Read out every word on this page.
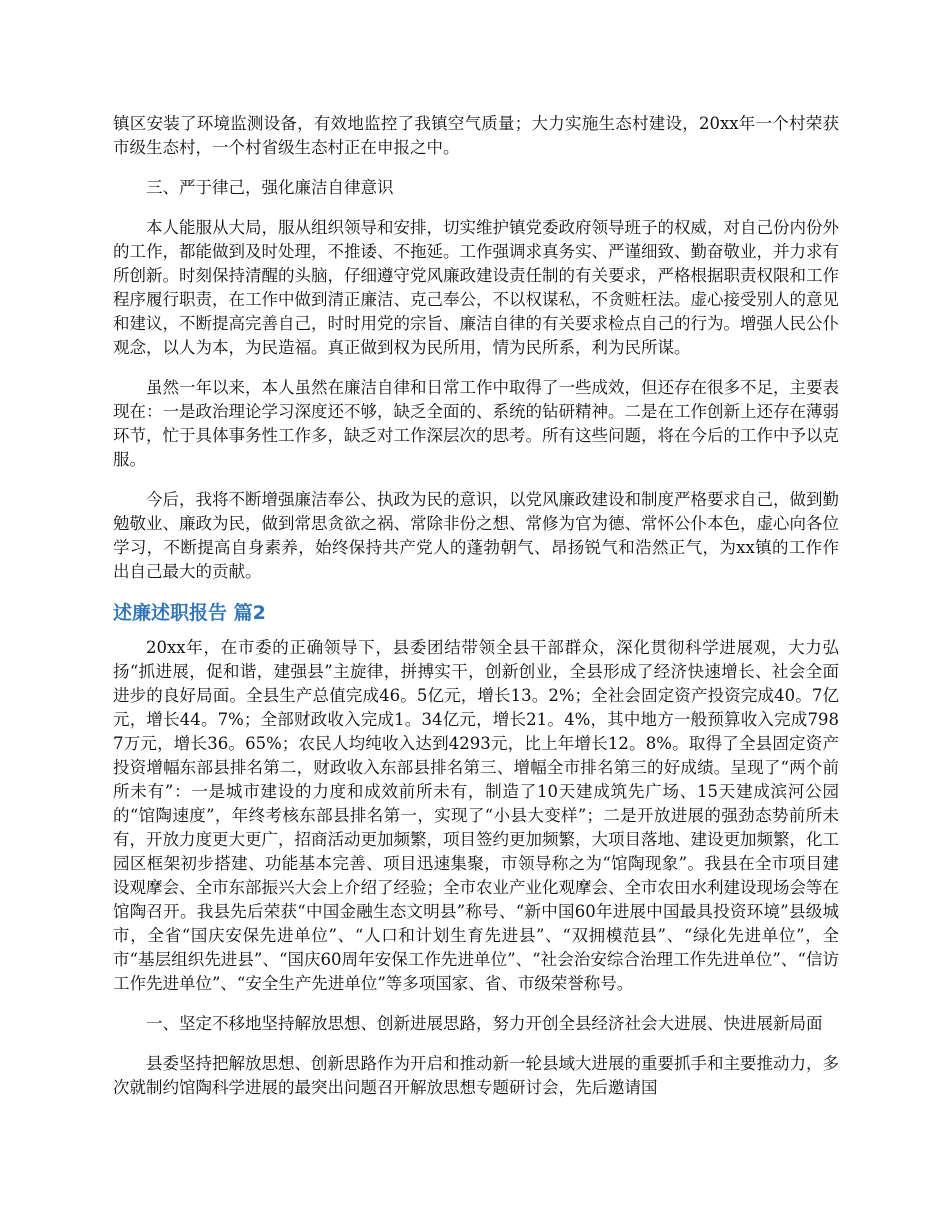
镇区安装了环境监测设备，有效地监控了我镇空气质量；大力实施生态村建设，20xx年一个村荣获市级生态村，一个村省级生态村正在申报之中。

三、严于律己，强化廉洁自律意识

本人能服从大局，服从组织领导和安排，切实维护镇党委政府领导班子的权威，对自己份内份外的工作，都能做到及时处理，不推诿、不拖延。工作强调求真务实、严谨细致、勤奋敬业，并力求有所创新。时刻保持清醒的头脑，仔细遵守党风廉政建设责任制的有关要求，严格根据职责权限和工作程序履行职责，在工作中做到清正廉洁、克己奉公，不以权谋私，不贪赃枉法。虚心接受别人的意见和建议，不断提高完善自己，时时用党的宗旨、廉洁自律的有关要求检点自己的行为。增强人民公仆观念，以人为本，为民造福。真正做到权为民所用，情为民所系，利为民所谋。

虽然一年以来，本人虽然在廉洁自律和日常工作中取得了一些成效，但还存在很多不足，主要表现在：一是政治理论学习深度还不够，缺乏全面的、系统的钻研精神。二是在工作创新上还存在薄弱环节，忙于具体事务性工作多，缺乏对工作深层次的思考。所有这些问题，将在今后的工作中予以克服。

今后，我将不断增强廉洁奉公、执政为民的意识，以党风廉政建设和制度严格要求自己，做到勤勉敬业、廉政为民，做到常思贪欲之祸、常除非份之想、常修为官为德、常怀公仆本色，虚心向各位学习，不断提高自身素养，始终保持共产党人的蓬勃朝气、昂扬锐气和浩然正气，为xx镇的工作作出自己最大的贡献。

述廉述职报告 篇2

20xx年，在市委的正确领导下，县委团结带领全县干部群众，深化贯彻科学进展观，大力弘扬“抓进展，促和谐，建强县”主旋律，拼搏实干，创新创业，全县形成了经济快速增长、社会全面进步的良好局面。全县生产总值完成46。5亿元，增长13。2%；全社会固定资产投资完成40。7亿元，增长44。7%；全部财政收入完成1。34亿元，增长21。4%，其中地方一般预算收入完成7987万元，增长36。65%；农民人均纯收入达到4293元，比上年增长12。8%。取得了全县固定资产投资增幅东部县排名第二，财政收入东部县排名第三、增幅全市排名第三的好成绩。呈现了“两个前所未有”：一是城市建设的力度和成效前所未有，制造了10天建成筑先广场、15天建成滨河公园的“馆陶速度”，年终考核东部县排名第一，实现了“小县大变样”；二是开放进展的强劲态势前所未有，开放力度更大更广，招商活动更加频繁，项目签约更加频繁，大项目落地、建设更加频繁，化工园区框架初步搭建、功能基本完善、项目迅速集聚，市领导称之为“馆陶现象”。我县在全市项目建设观摩会、全市东部振兴大会上介绍了经验；全市农业产业化观摩会、全市农田水利建设现场会等在馆陶召开。我县先后荣获“中国金融生态文明县”称号、“新中国60年进展中国最具投资环境”县级城市，全省“国庆安保先进单位”、“人口和计划生育先进县”、“双拥模范县”、“绿化先进单位”，全市“基层组织先进县”、“国庆60周年安保工作先进单位”、“社会治安综合治理工作先进单位”、“信访工作先进单位”、“安全生产先进单位”等多项国家、省、市级荣誉称号。

一、坚定不移地坚持解放思想、创新进展思路，努力开创全县经济社会大进展、快进展新局面

县委坚持把解放思想、创新思路作为开启和推动新一轮县域大进展的重要抓手和主要推动力，多次就制约馆陶科学进展的最突出问题召开解放思想专题研讨会，先后邀请国
